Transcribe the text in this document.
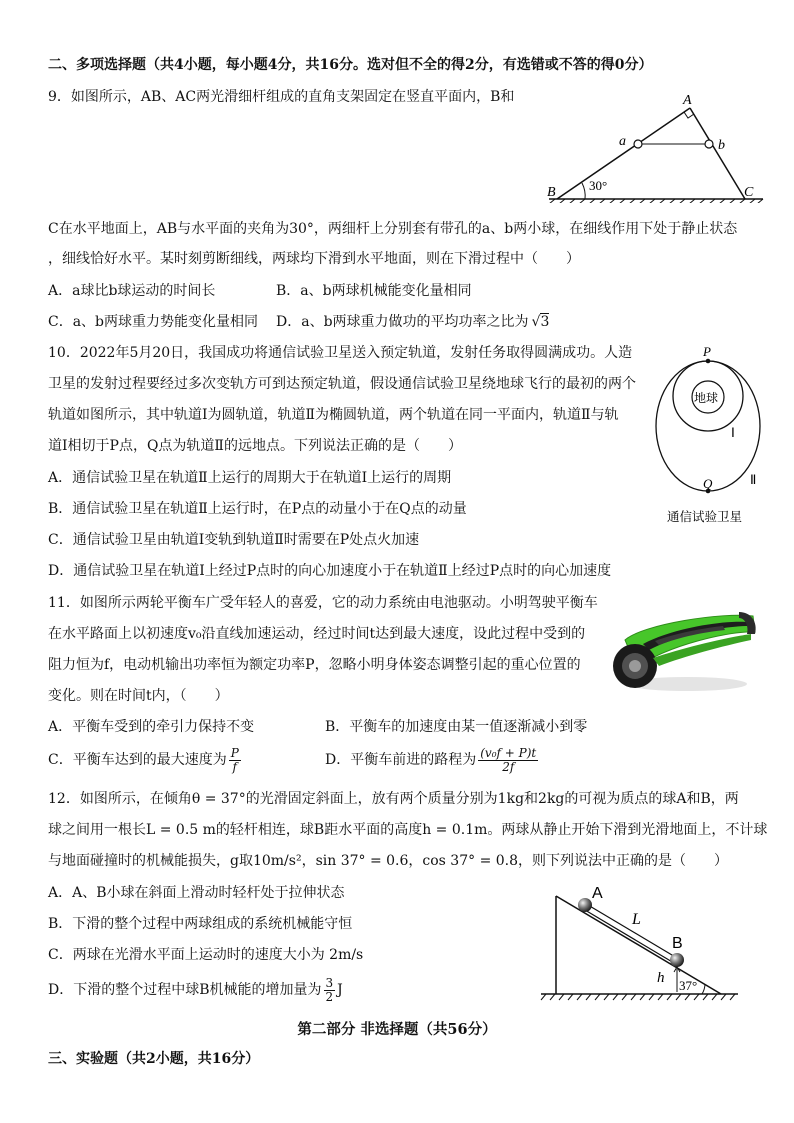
二、多项选择题（共4小题，每小题4分，共16分。选对但不全的得2分，有选错或不答的得0分）
9．如图所示，AB、AC两光滑细杆组成的直角支架固定在竖直平面内，B和	A
B	C
a	b
30°
C在水平地面上，AB与水平面的夹角为30°，两细杆上分别套有带孔的a、b两小球，在细线作用下处于静止状态
，细线恰好水平。某时刻剪断细线，两球均下滑到水平地面，则在下滑过程中（　　）
A．a球比b球运动的时间长	B．a、b两球机械能变化量相同
C．a、b两球重力势能变化量相同 D．a、b两球重力做功的平均功率之比为 √3
10．2022年5月20日，我国成功将通信试验卫星送入预定轨道，发射任务取得圆满成功。人造
卫星的发射过程要经过多次变轨方可到达预定轨道，假设通信试验卫星绕地球飞行的最初的两个
轨道如图所示，其中轨道Ⅰ为圆轨道，轨道Ⅱ为椭圆轨道，两个轨道在同一平面内，轨道Ⅱ与轨
道Ⅰ相切于P点，Q点为轨道Ⅱ的远地点。下列说法正确的是（　　）
A．通信试验卫星在轨道Ⅱ上运行的周期大于在轨道Ⅰ上运行的周期
B．通信试验卫星在轨道Ⅱ上运行时，在P点的动量小于在Q点的动量
C．通信试验卫星由轨道Ⅰ变轨到轨道Ⅱ时需要在P处点火加速
D．通信试验卫星在轨道Ⅰ上经过P点时的向心加速度小于在轨道Ⅱ上经过P点时的向心加速度
P
Q
地球
Ⅰ
Ⅱ
通信试验卫星
11．如图所示两轮平衡车广受年轻人的喜爱，它的动力系统由电池驱动。小明驾驶平衡车
在水平路面上以初速度v₀沿直线加速运动，经过时间t达到最大速度，设此过程中受到的
阻力恒为f，电动机输出功率恒为额定功率P，忽略小明身体姿态调整引起的重心位置的
变化。则在时间t内，（　　）
A．平衡车受到的牵引力保持不变	B．平衡车的加速度由某一值逐渐减小到零
C．平衡车达到的最大速度为 $\frac{P}{f}$	D．平衡车前进的路程为 $\frac{\text{(v₀f + P)t}}{2f}$
12．如图所示，在倾角θ = 37°的光滑固定斜面上，放有两个质量分别为1kg和2kg的可视为质点的球A和B，两
球之间用一根长L = 0.5 m的轻杆相连，球B距水平面的高度h = 0.1m。两球从静止开始下滑到光滑地面上，不计球
与地面碰撞时的机械能损失，g取10m/s²，sin 37° = 0.6，cos 37° = 0.8，则下列说法中正确的是（　　）
A．A、B小球在斜面上滑动时轻杆处于拉伸状态
B．下滑的整个过程中两球组成的系统机械能守恒
C．两球在光滑水平面上运动时的速度大小为 2m/s
D．下滑的整个过程中球B机械能的增加量为 $\frac{3}{2}$ J
A
B
L
h 37°
第二部分 非选择题（共56分）
三、实验题（共2小题，共16分）
